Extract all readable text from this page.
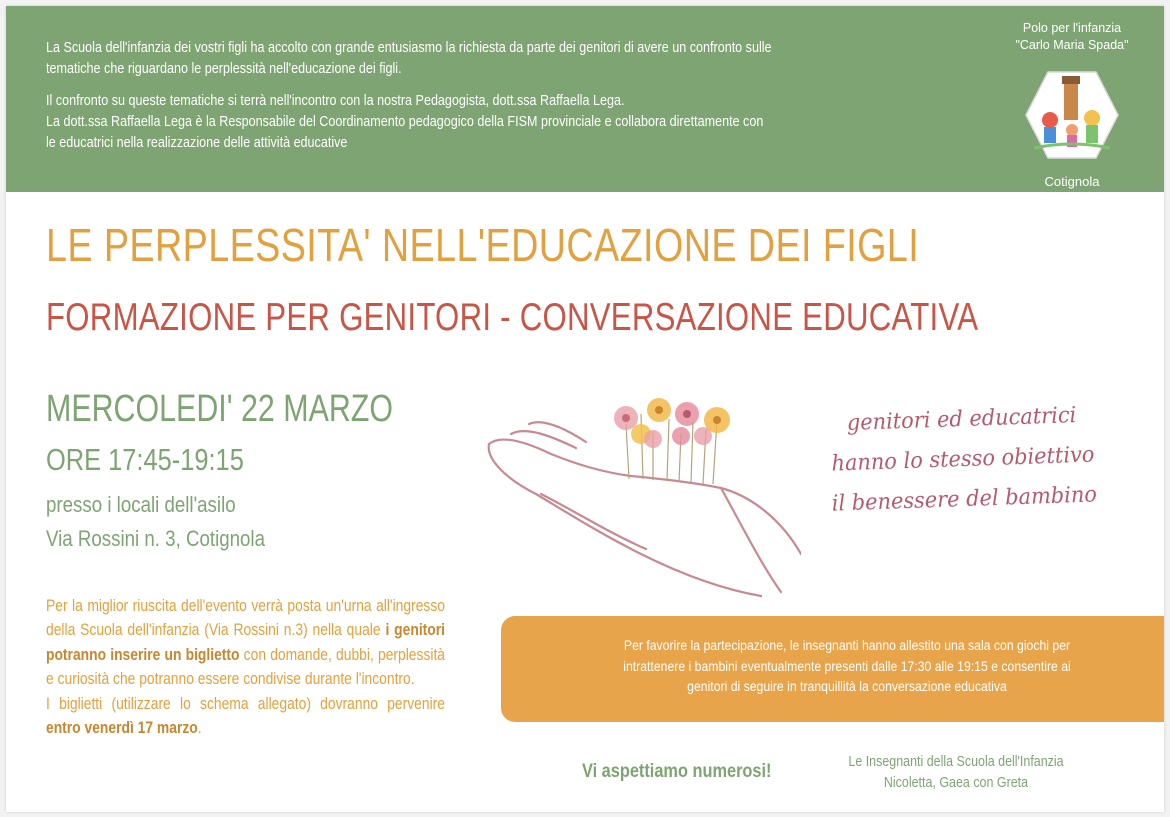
La Scuola dell'infanzia dei vostri figli ha accolto con grande entusiasmo la richiesta da parte dei genitori di avere un confronto sulle tematiche che riguardano le perplessità nell'educazione dei figli.

Il confronto su queste tematiche si terrà nell'incontro con la nostra Pedagogista, dott.ssa Raffaella Lega.
La dott.ssa Raffaella Lega è la Responsabile del Coordinamento pedagogico della FISM provinciale e collabora direttamente con le educatrici nella realizzazione delle attività educative

Polo per l'infanzia
"Carlo Maria Spada"
Cotignola
LE PERPLESSITA' NELL'EDUCAZIONE DEI FIGLI
FORMAZIONE PER GENITORI - CONVERSAZIONE EDUCATIVA
MERCOLEDI' 22 MARZO
ORE 17:45-19:15
presso i locali dell'asilo
Via Rossini n. 3, Cotignola
Per la miglior riuscita dell'evento verrà posta un'urna all'ingresso della Scuola dell'infanzia (Via Rossini n.3) nella quale i genitori potranno inserire un biglietto con domande, dubbi, perplessità e curiosità che potranno essere condivise durante l'incontro.
I biglietti (utilizzare lo schema allegato) dovranno pervenire entro venerdì 17 marzo.
genitori ed educatrici
hanno lo stesso obiettivo
il benessere del bambino
Per favorire la partecipazione, le insegnanti hanno allestito una sala con giochi per
intrattenere i bambini eventualmente presenti dalle 17:30 alle 19:15 e consentire ai
genitori di seguire in tranquillità la conversazione educativa
Vi aspettiamo numerosi!	Le Insegnanti della Scuola dell'Infanzia
Nicoletta, Gaea con Greta
